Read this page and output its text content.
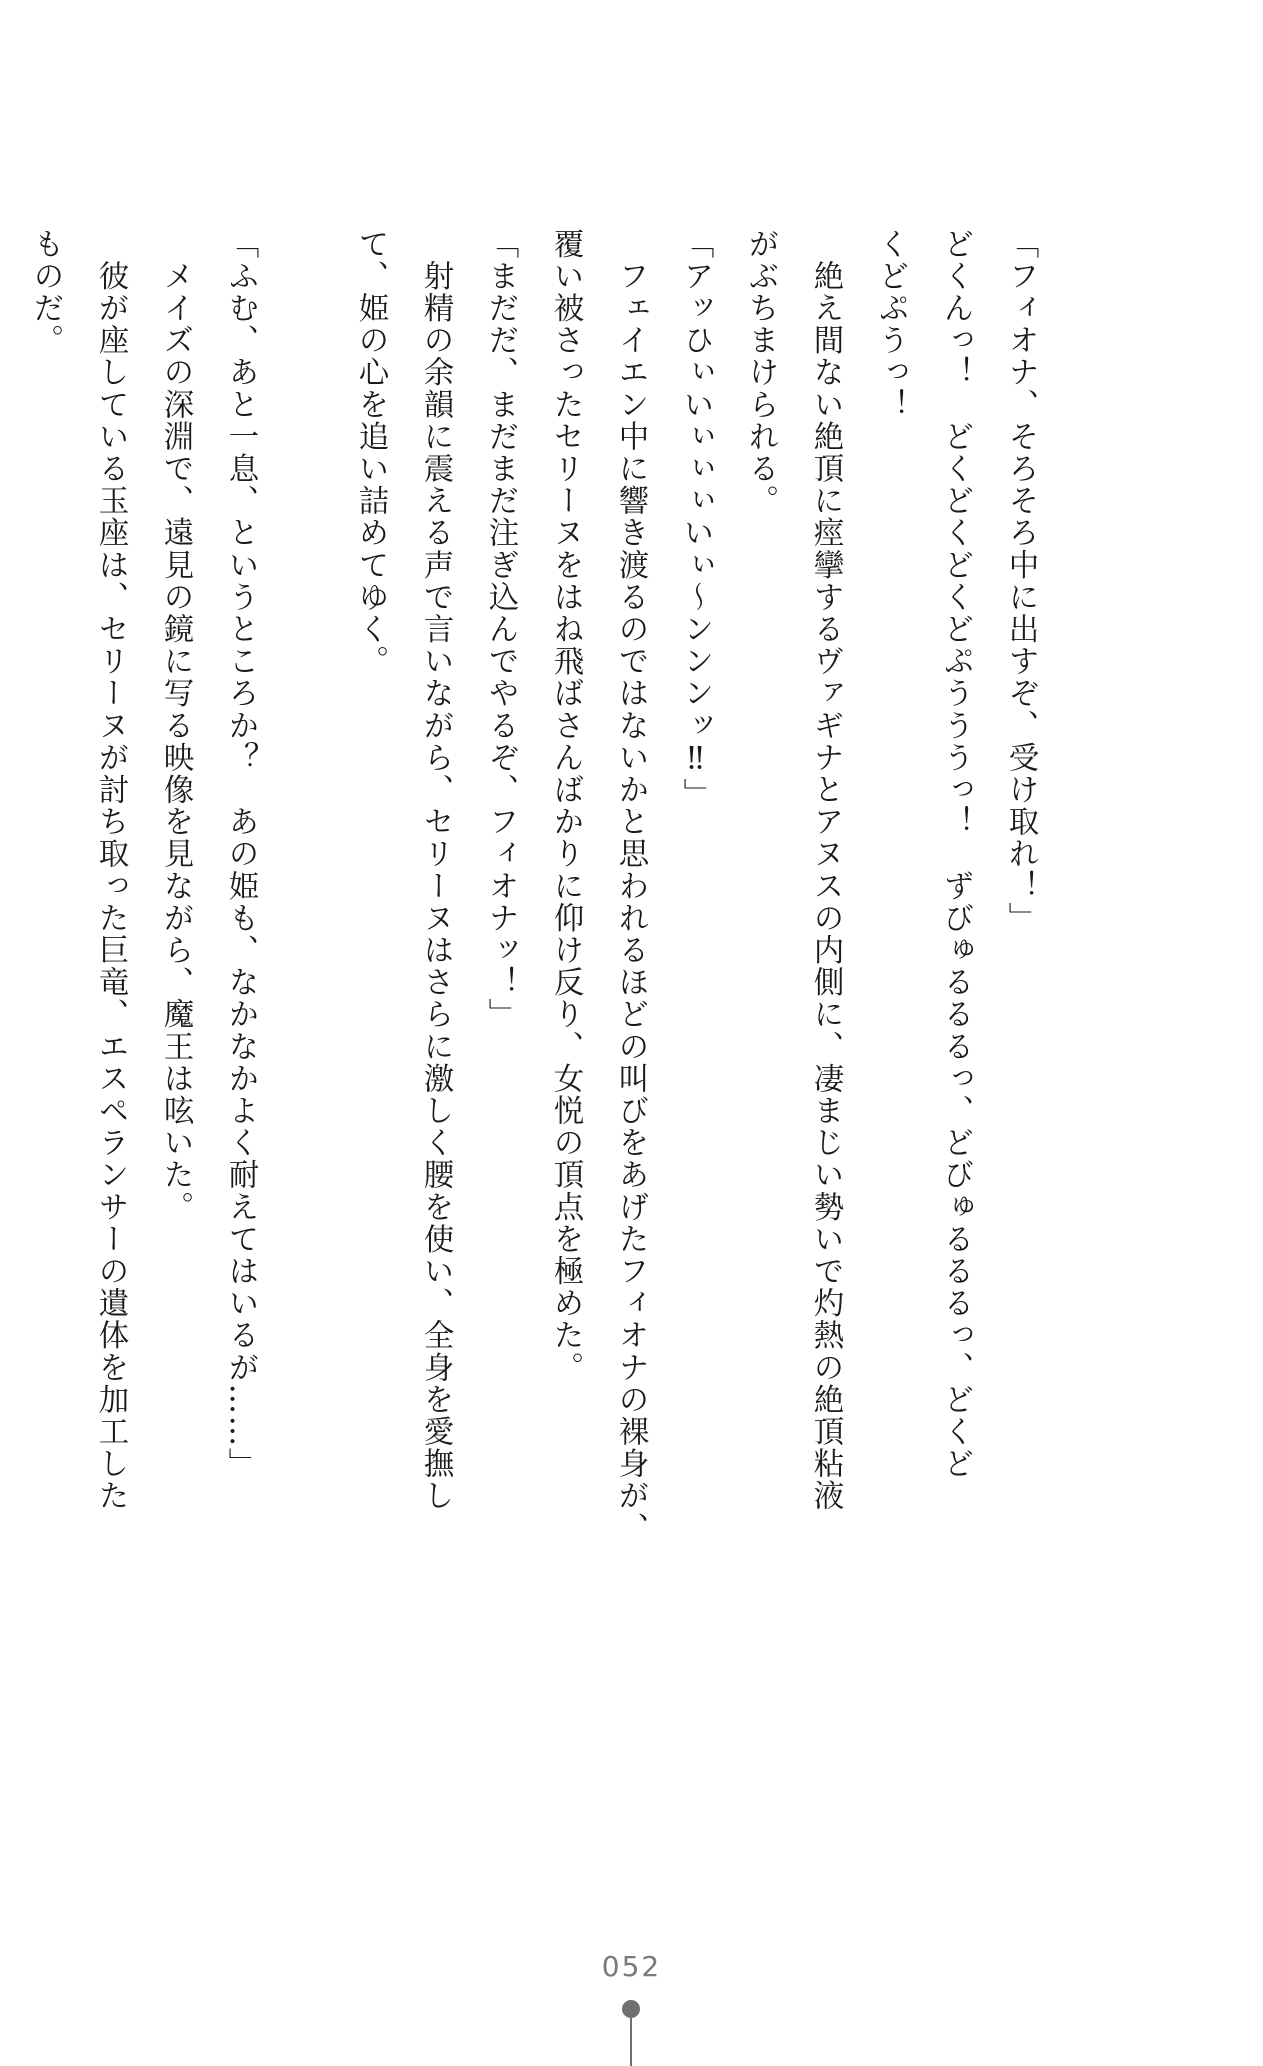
「フィオナ、そろそろ中に出すぞ、受け取れ！」
どくんっ！　どくどくどくどぷうううっ！　ずびゅるるるっ、どびゅるるるっ、どくど
くどぷうっ！
　絶え間ない絶頂に痙攣するヴァギナとアヌスの内側に、凄まじい勢いで灼熱の絶頂粘液
がぶちまけられる。
「アッひぃいぃぃぃいぃ〜ンンンッ‼」
　フェイエン中に響き渡るのではないかと思われるほどの叫びをあげたフィオナの裸身が、
覆い被さったセリーヌをはね飛ばさんばかりに仰け反り、女悦の頂点を極めた。
「まだだ、まだまだ注ぎ込んでやるぞ、フィオナッ！」
　射精の余韻に震える声で言いながら、セリーヌはさらに激しく腰を使い、全身を愛撫し
て、姫の心を追い詰めてゆく。
「ふむ、あと一息、というところか？　あの姫も、なかなかよく耐えてはいるが……」
　メイズの深淵で、遠見の鏡に写る映像を見ながら、魔王は呟いた。
　彼が座している玉座は、セリーヌが討ち取った巨竜、エスペランサーの遺体を加工した
ものだ。
052
